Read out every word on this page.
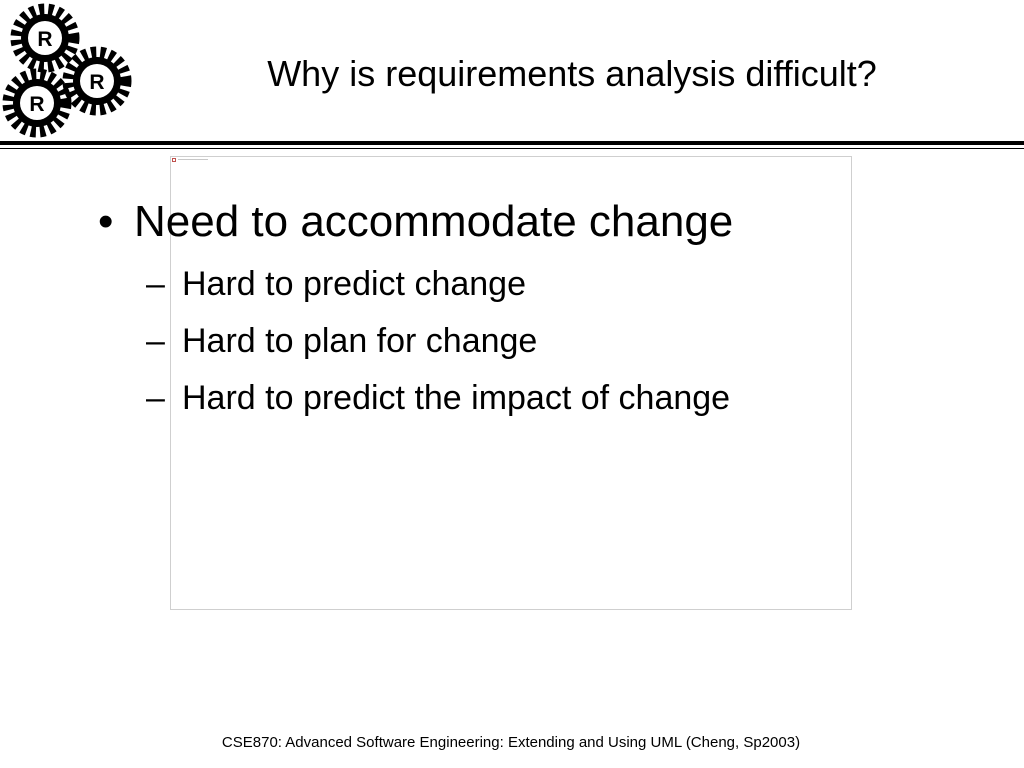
R
R
R
Why is requirements analysis difficult?
• Need to accommodate change
– Hard to predict change
– Hard to plan for change
– Hard to predict the impact of change
CSE870: Advanced Software Engineering: Extending and Using UML (Cheng, Sp2003)
